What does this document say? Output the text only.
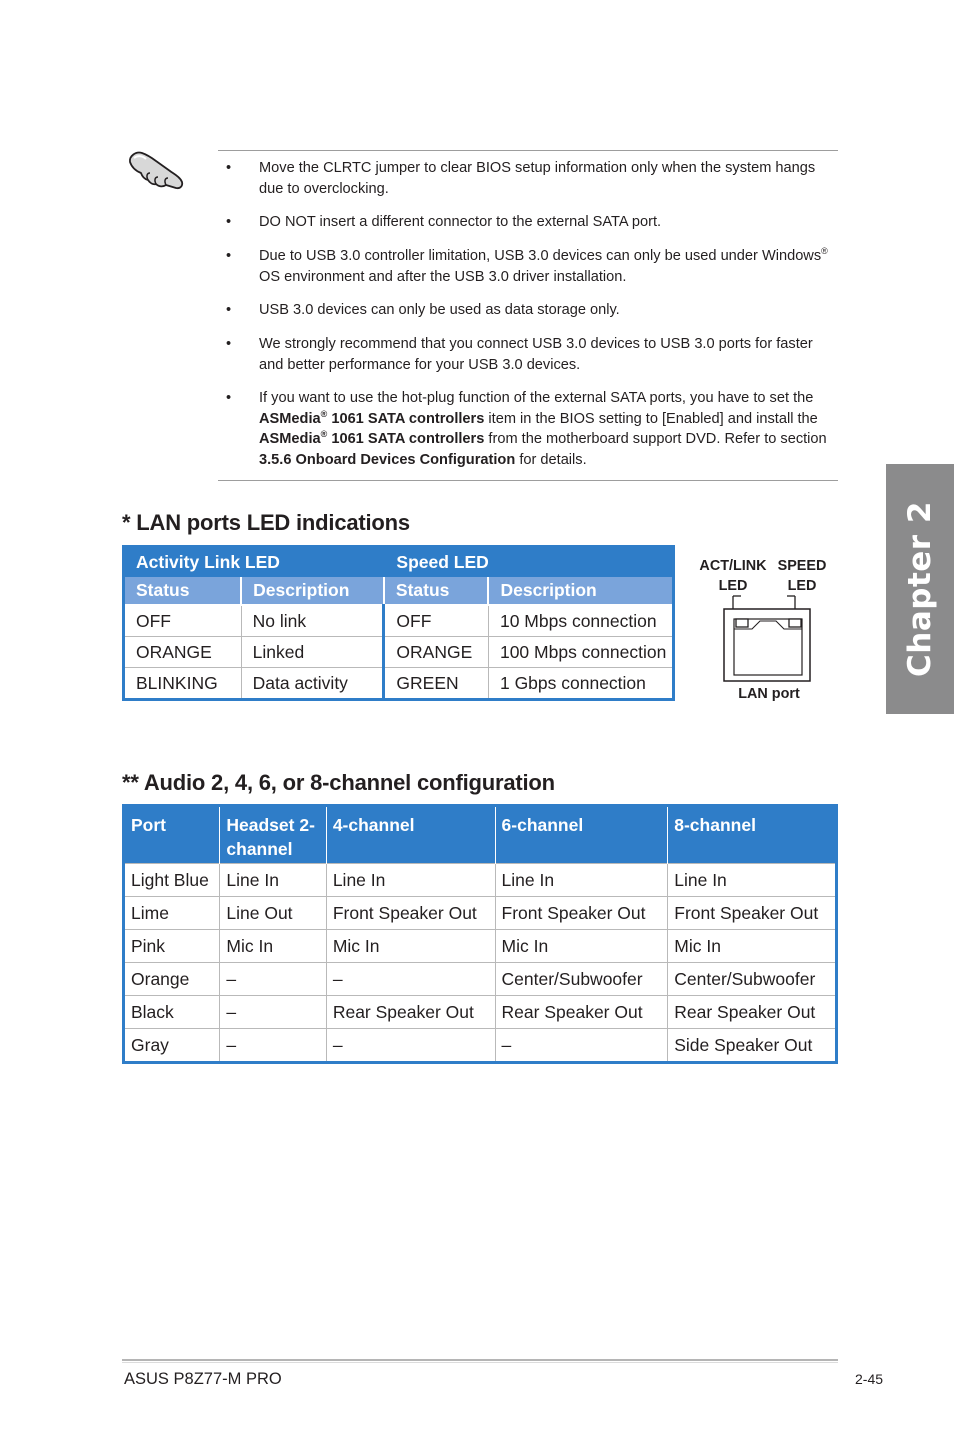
•	Move the CLRTC jumper to clear BIOS setup information only when the system hangs due to overclocking.
•	DO NOT insert a different connector to the external SATA port.
•	Due to USB 3.0 controller limitation, USB 3.0 devices can only be used under Windows® OS environment and after the USB 3.0 driver installation.
•	USB 3.0 devices can only be used as data storage only.
•	We strongly recommend that you connect USB 3.0 devices to USB 3.0 ports for faster and better performance for your USB 3.0 devices.
•	If you want to use the hot-plug function of the external SATA ports, you have to set the ASMedia® 1061 SATA controllers item in the BIOS setting to [Enabled] and install the ASMedia® 1061 SATA controllers from the motherboard support DVD. Refer to section 3.5.6 Onboard Devices Configuration for details.
Chapter 2
* LAN ports LED indications
Activity Link LED		Speed LED	
Status	Description	Status	Description
OFF	No link	OFF	10 Mbps connection
ORANGE	Linked	ORANGE	100 Mbps connection
BLINKING	Data activity	GREEN	1 Gbps connection
ACT/LINK
LED
SPEED
LED
LAN port
** Audio 2, 4, 6, or 8-channel configuration
Port	Headset 2-channel	4-channel	6-channel	8-channel
Light Blue	Line In	Line In	Line In	Line In
Lime	Line Out	Front Speaker Out	Front Speaker Out	Front Speaker Out
Pink	Mic In	Mic In	Mic In	Mic In
Orange	–	–	Center/Subwoofer	Center/Subwoofer
Black	–	Rear Speaker Out	Rear Speaker Out	Rear Speaker Out
Gray	–	–	–	Side Speaker Out
ASUS P8Z77-M PRO	2-45
